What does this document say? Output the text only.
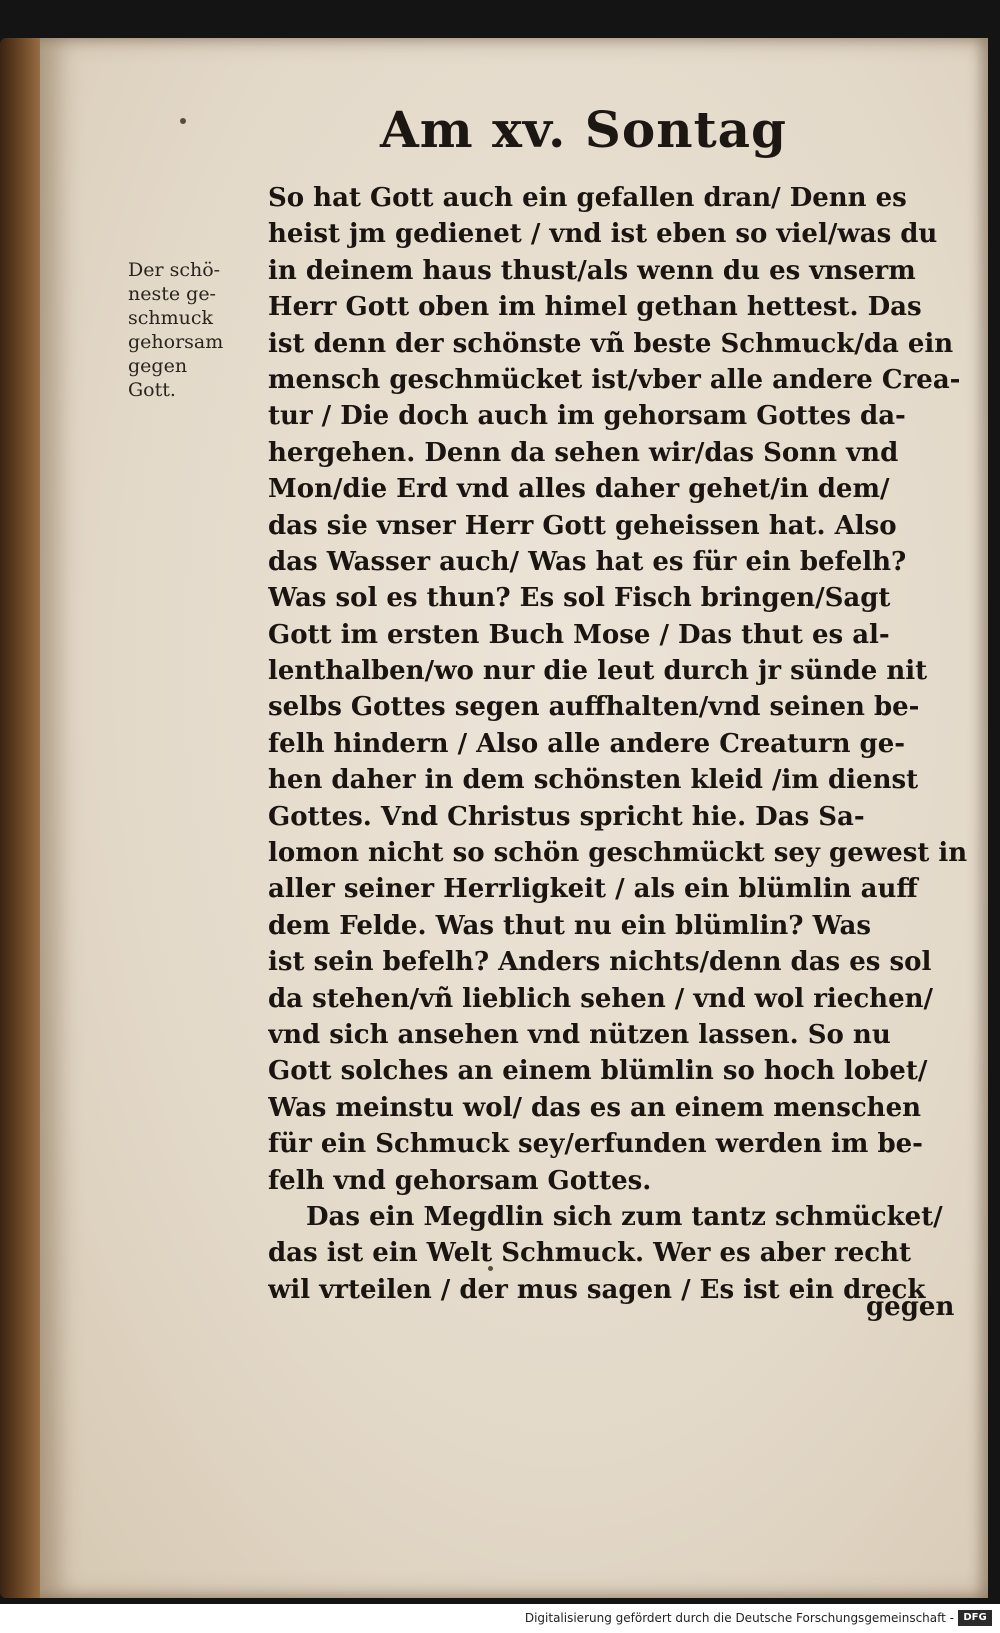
Am xv. Sontag
Der schö-
neste ge-
schmuck
gehorsam
gegen
Gott.
So hat Gott auch ein gefallen dran/ Denn es
heist jm gedienet / vnd ist eben so viel/was du
in deinem haus thust/als wenn du es vnserm
Herr Gott oben im himel gethan hettest. Das
ist denn der schönste vñ beste Schmuck/da ein
mensch geschmücket ist/vber alle andere Crea-
tur / Die doch auch im gehorsam Gottes da-
hergehen. Denn da sehen wir/das Sonn vnd
Mon/die Erd vnd alles daher gehet/in dem/
das sie vnser Herr Gott geheissen hat. Also
das Wasser auch/ Was hat es für ein befelh?
Was sol es thun? Es sol Fisch bringen/Sagt
Gott im ersten Buch Mose / Das thut es al-
lenthalben/wo nur die leut durch jr sünde nit
selbs Gottes segen auffhalten/vnd seinen be-
felh hindern / Also alle andere Creaturn ge-
hen daher in dem schönsten kleid /im dienst
Gottes. Vnd Christus spricht hie. Das Sa-
lomon nicht so schön geschmückt sey gewest in
aller seiner Herrligkeit / als ein blümlin auff
dem Felde. Was thut nu ein blümlin? Was
ist sein befelh? Anders nichts/denn das es sol
da stehen/vñ lieblich sehen / vnd wol riechen/
vnd sich ansehen vnd nützen lassen. So nu
Gott solches an einem blümlin so hoch lobet/
Was meinstu wol/ das es an einem menschen
für ein Schmuck sey/erfunden werden im be-
felh vnd gehorsam Gottes.
Das ein Megdlin sich zum tantz schmücket/
das ist ein Welt Schmuck. Wer es aber recht
wil vrteilen / der mus sagen / Es ist ein dreck
gegen
Digitalisierung gefördert durch die Deutsche Forschungsgemeinschaft - DFG
